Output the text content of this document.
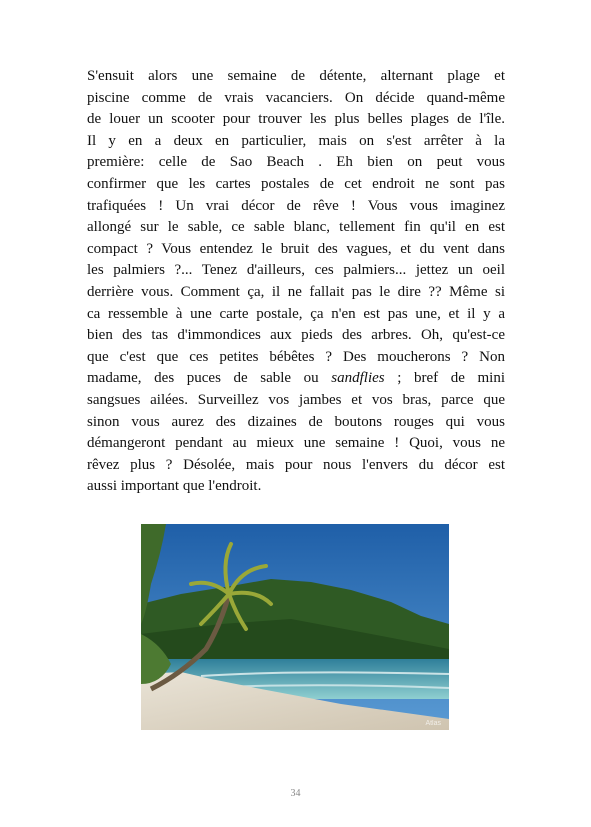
S'ensuit alors une semaine de détente, alternant plage et
piscine comme de vrais vacanciers. On décide quand-même
de louer un scooter pour trouver les plus belles plages de l'île.
Il y en a deux en particulier, mais on s'est arrêter à la
première: celle de Sao Beach . Eh bien on peut vous
confirmer que les cartes postales de cet endroit ne sont pas
trafiquées ! Un vrai décor de rêve ! Vous vous imaginez
allongé sur le sable, ce sable blanc, tellement fin qu'il en est
compact ? Vous entendez le bruit des vagues, et du vent dans
les palmiers ?... Tenez d'ailleurs, ces palmiers... jettez un oeil
derrière vous. Comment ça, il ne fallait pas le dire ?? Même si
ca ressemble à une carte postale, ça n'en est pas une, et il y a
bien des tas d'immondices aux pieds des arbres. Oh, qu'est-ce
que c'est que ces petites bébêtes ? Des moucherons ? Non
madame, des puces de sable ou sandflies ; bref de mini
sangsues ailées. Surveillez vos jambes et vos bras, parce que
sinon vous aurez des dizaines de boutons rouges qui vous
démangeront pendant au mieux une semaine ! Quoi, vous ne
rêvez plus ? Désolée, mais pour nous l'envers du décor est
aussi important que l'endroit.
Atlas
34
